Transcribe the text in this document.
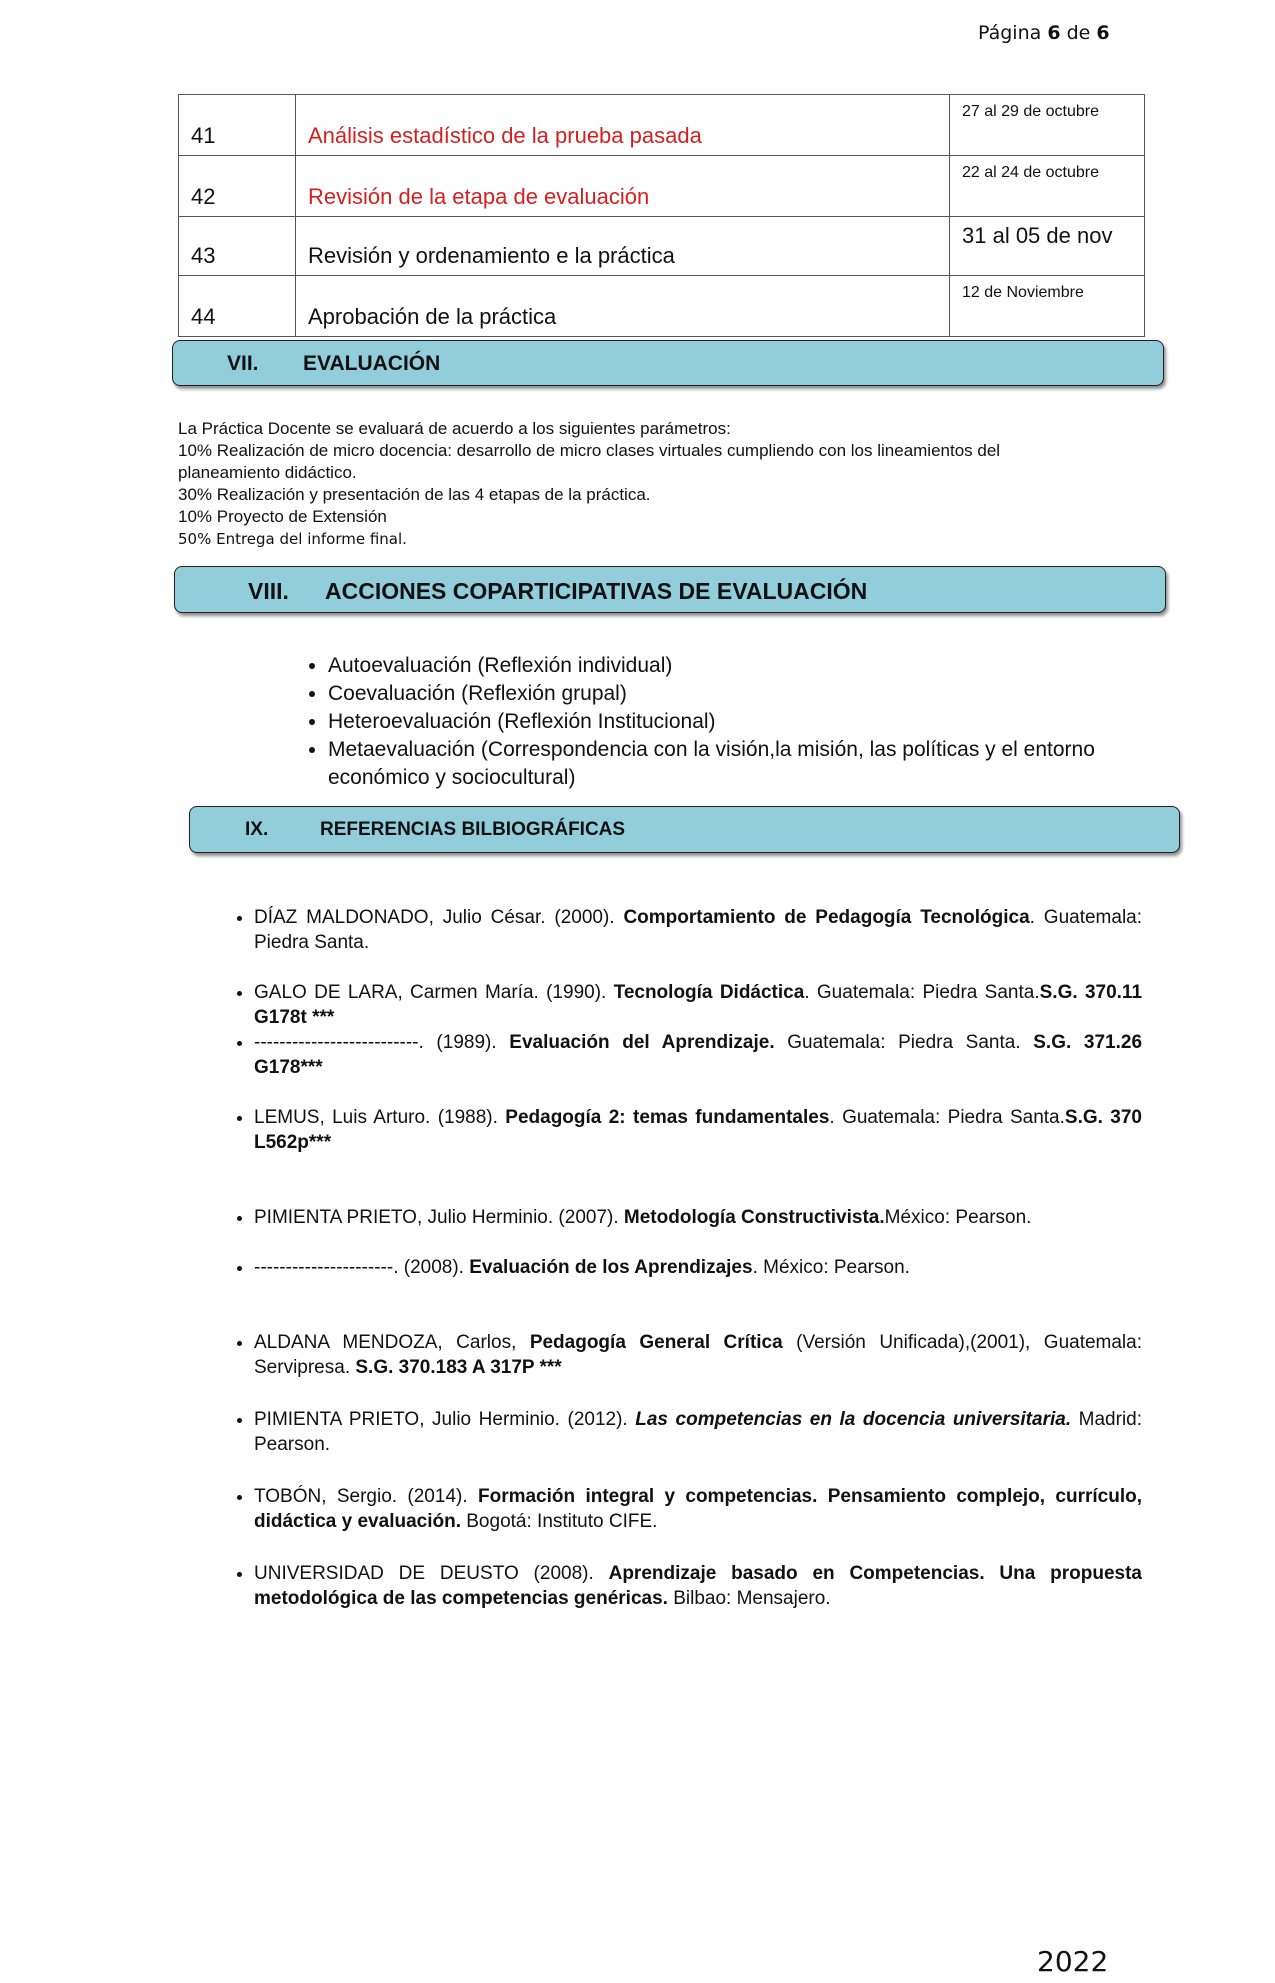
Página 6 de 6
41	Análisis estadístico de la prueba pasada	27 al 29 de octubre
42	Revisión de la etapa de evaluación	22 al 24 de octubre
43	Revisión y ordenamiento e la práctica	31 al 05 de nov
44	Aprobación de la práctica	12 de Noviembre
VII. EVALUACIÓN
La Práctica Docente se evaluará de acuerdo a los siguientes parámetros:
10% Realización de micro docencia: desarrollo de micro clases virtuales cumpliendo con los lineamientos del planeamiento didáctico.
30% Realización y presentación de las 4 etapas de la práctica.
10% Proyecto de Extensión
50% Entrega del informe final.
VIII. ACCIONES COPARTICIPATIVAS DE EVALUACIÓN
• Autoevaluación (Reflexión individual)
• Coevaluación (Reflexión grupal)
• Heteroevaluación (Reflexión Institucional)
• Metaevaluación (Correspondencia con la visión,la misión, las políticas y el entorno económico y sociocultural)
IX.	REFERENCIAS BILBIOGRÁFICAS
• DÍAZ MALDONADO, Julio César. (2000). Comportamiento de Pedagogía Tecnológica. Guatemala: Piedra Santa.
• GALO DE LARA, Carmen María. (1990). Tecnología Didáctica. Guatemala: Piedra Santa.S.G. 370.11 G178t ***
• --------------------------. (1989). Evaluación del Aprendizaje. Guatemala: Piedra Santa. S.G. 371.26 G178***
• LEMUS, Luis Arturo. (1988). Pedagogía 2: temas fundamentales. Guatemala: Piedra Santa.S.G. 370 L562p***
• PIMIENTA PRIETO, Julio Herminio. (2007). Metodología Constructivista.México: Pearson.
• ----------------------. (2008). Evaluación de los Aprendizajes. México: Pearson.
• ALDANA MENDOZA, Carlos, Pedagogía General Crítica (Versión Unificada),(2001), Guatemala: Servipresa. S.G. 370.183 A 317P ***
• PIMIENTA PRIETO, Julio Herminio. (2012). Las competencias en la docencia universitaria. Madrid: Pearson.
• TOBÓN, Sergio. (2014). Formación integral y competencias. Pensamiento complejo, currículo, didáctica y evaluación. Bogotá: Instituto CIFE.
• UNIVERSIDAD DE DEUSTO (2008). Aprendizaje basado en Competencias. Una propuesta metodológica de las competencias genéricas. Bilbao: Mensajero.
2022
